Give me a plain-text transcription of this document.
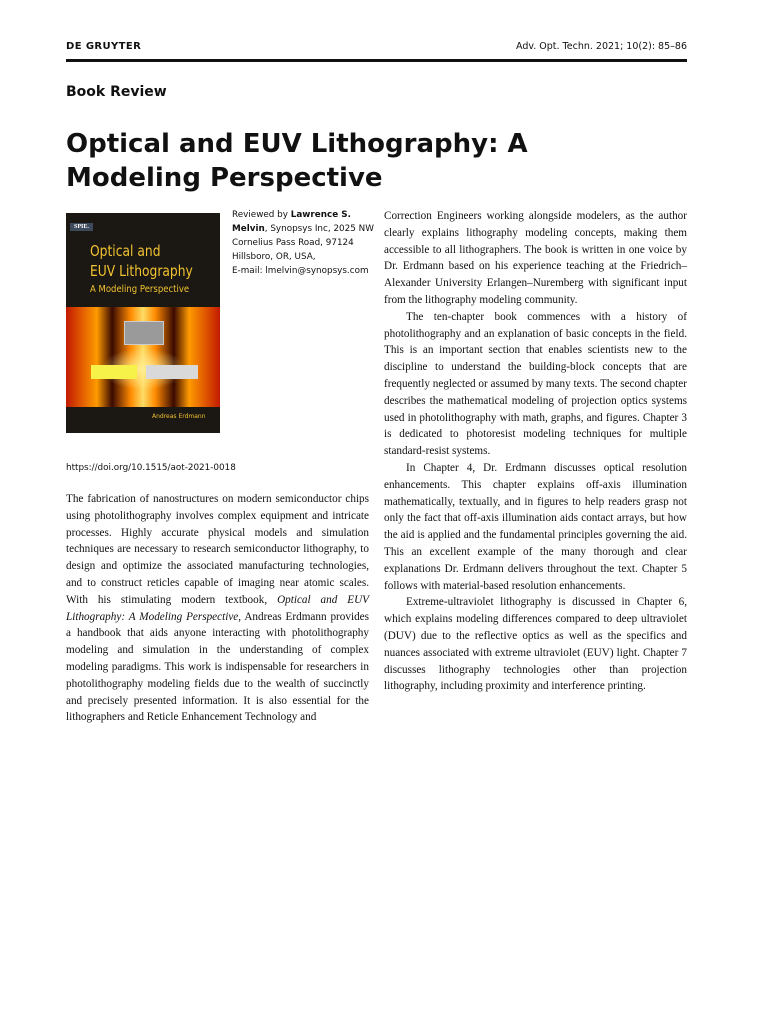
DE GRUYTER	Adv. Opt. Techn. 2021; 10(2): 85–86
Book Review
Optical and EUV Lithography: A Modeling Perspective
SPIE.
Optical and
EUV Lithography
A Modeling Perspective
Andreas Erdmann
Reviewed by Lawrence S. Melvin, Synopsys Inc, 2025 NW Cornelius Pass Road, 97124 Hillsboro, OR, USA,
E-mail: lmelvin@synopsys.com
https://doi.org/10.1515/aot-2021-0018

The fabrication of nanostructures on modern semiconductor chips using photolithography involves complex equipment and intricate processes. Highly accurate physical models and simulation techniques are necessary to research semiconductor lithography, to design and optimize the associated manufacturing technologies, and to construct reticles capable of imaging near atomic scales. With his stimulating modern textbook, Optical and EUV Lithography: A Modeling Perspective, Andreas Erdmann provides a handbook that aids anyone interacting with photolithography modeling and simulation in the understanding of complex modeling paradigms. This work is indispensable for researchers in photolithography modeling fields due to the wealth of succinctly and precisely presented information. It is also essential for the lithographers and Reticle Enhancement Technology and

Correction Engineers working alongside modelers, as the author clearly explains lithography modeling concepts, making them accessible to all lithographers. The book is written in one voice by Dr. Erdmann based on his experience teaching at the Friedrich–Alexander University Erlangen–Nuremberg with significant input from the lithography modeling community.

The ten-chapter book commences with a history of photolithography and an explanation of basic concepts in the field. This is an important section that enables scientists new to the discipline to understand the building-block concepts that are frequently neglected or assumed by many texts. The second chapter describes the mathematical modeling of projection optics systems used in photolithography with math, graphs, and figures. Chapter 3 is dedicated to photoresist modeling techniques for multiple standard-resist systems.

In Chapter 4, Dr. Erdmann discusses optical resolution enhancements. This chapter explains off-axis illumination mathematically, textually, and in figures to help readers grasp not only the fact that off-axis illumination aids contact arrays, but how the aid is applied and the fundamental principles governing the aid. This an excellent example of the many thorough and clear explanations Dr. Erdmann delivers throughout the text. Chapter 5 follows with material-based resolution enhancements.

Extreme-ultraviolet lithography is discussed in Chapter 6, which explains modeling differences compared to deep ultraviolet (DUV) due to the reflective optics as well as the specifics and nuances associated with extreme ultraviolet (EUV) light. Chapter 7 discusses lithography technologies other than projection lithography, including proximity and interference printing.
